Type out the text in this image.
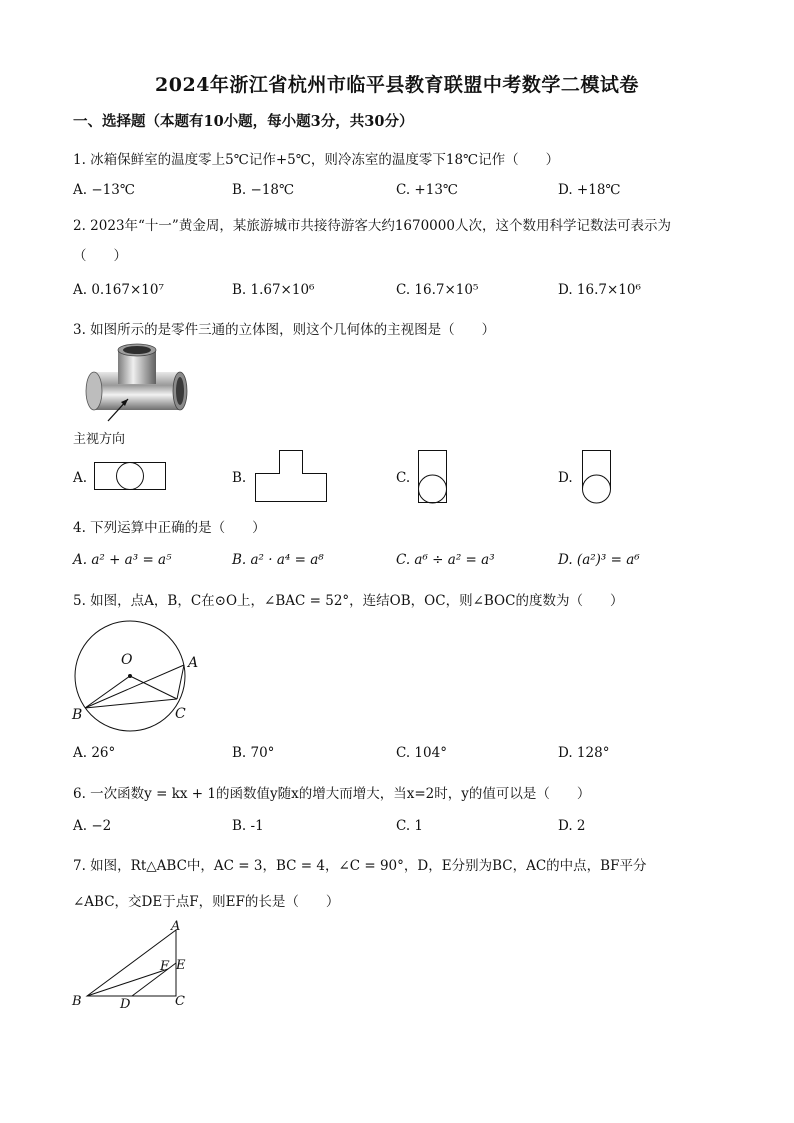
2024年浙江省杭州市临平县教育联盟中考数学二模试卷
一、选择题（本题有10小题，每小题3分，共30分）
1. 冰箱保鲜室的温度零上5℃记作+5℃，则冷冻室的温度零下18℃记作（　　）
A. −13℃	B. −18℃	C. +13℃	D. +18℃
2. 2023年“十一”黄金周，某旅游城市共接待游客大约1670000人次，这个数用科学记数法可表示为
（　　）
A. 0.167×10⁷	B. 1.67×10⁶	C. 16.7×10⁵	D. 16.7×10⁶
3. 如图所示的是零件三通的立体图，则这个几何体的主视图是（　　）
主视方向
A.	B.	C.	D.
4. 下列运算中正确的是（　　）
A. a² + a³ = a⁵	B. a² · a⁴ = a⁸	C. a⁶ ÷ a² = a³	D. (a²)³ = a⁶
5. 如图，点A，B，C在⊙O上，∠BAC = 52°，连结OB，OC，则∠BOC的度数为（　　）
O	A
B	C
A. 26°	B. 70°	C. 104°	D. 128°
6. 一次函数y = kx + 1的函数值y随x的增大而增大，当x=2时，y的值可以是（　　）
A. −2	B. -1	C. 1	D. 2
7. 如图，Rt△ABC中，AC = 3，BC = 4，∠C = 90°，D，E分别为BC，AC的中点，BF平分
∠ABC，交DE于点F，则EF的长是（　　）
A
E
F
B	D	C
